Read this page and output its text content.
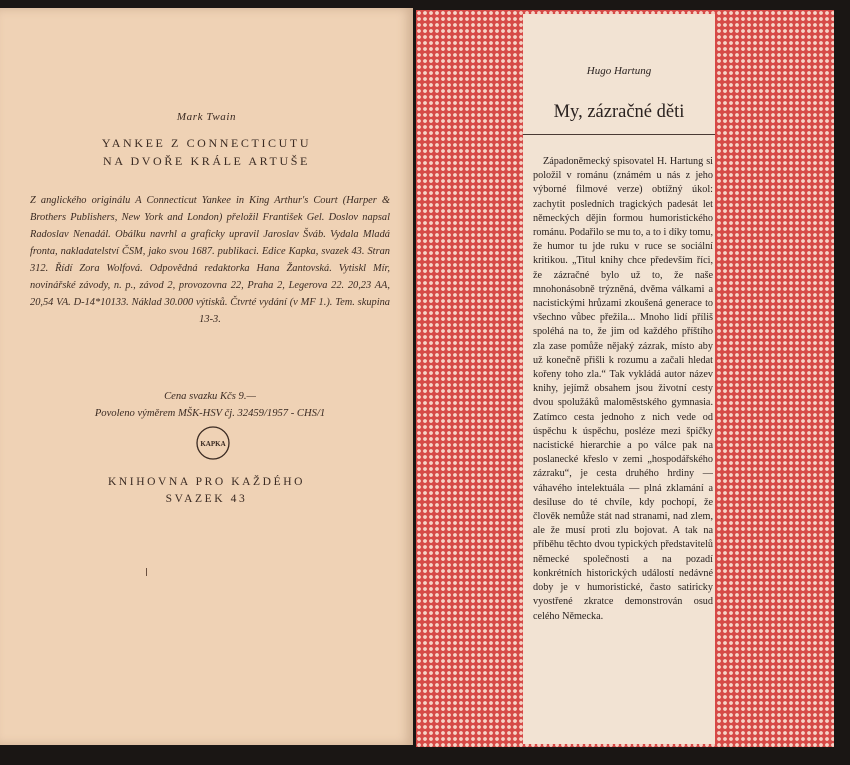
Mark Twain
YANKEE Z CONNECTICUTU
NA DVOŘE KRÁLE ARTUŠE
Z anglického originálu A Connecticut Yankee in King Arthur's Court (Harper & Brothers Publishers, New York and London) přeložil František Gel. Doslov napsal Radoslav Nenadál. Obálku navrhl a graficky upravil Jaroslav Šváb. Vydala Mladá fronta, nakladatelství ČSM, jako svou 1687. publikaci. Edice Kapka, svazek 43. Stran 312. Řídí Zora Wolfová. Odpovědná redaktorka Hana Žantovská. Vytiskl Mír, novinářské závody, n. p., závod 2, provozovna 22, Praha 2, Legerova 22. 20,23 AA, 20,54 VA. D-14*10133. Náklad 30.000 výtisků. Čtvrté vydání (v MF 1.). Tem. skupina 13-3.
Cena svazku Kčs 9.—
Povoleno výměrem MŠK-HSV čj. 32459/1957 - CHS/1
KAPKA
KNIHOVNA PRO KAŽDÉHO
SVAZEK 43
Hugo Hartung
My, zázračné děti
Západoněmecký spisovatel H. Hartung si položil v románu (známém u nás z jeho výborné filmové verze) obtížný úkol: zachytit posledních tragických padesát let německých dějin formou humoristického románu. Podařilo se mu to, a to i díky tomu, že humor tu jde ruku v ruce se sociální kritikou. „Titul knihy chce především říci, že zázračné bylo už to, že naše mnohonásobně trýzněná, dvěma válkami a nacistickými hrůzami zkoušená generace to všechno vůbec přežila... Mnoho lidí příliš spoléhá na to, že jim od každého příštího zla zase pomůže nějaký zázrak, místo aby už konečně přišli k rozumu a začali hledat kořeny toho zla.“ Tak vykládá autor název knihy, jejímž obsahem jsou životní cesty dvou spolužáků maloměstského gymnasia. Zatímco cesta jednoho z nich vede od úspěchu k úspěchu, posléze mezi špičky nacistické hierarchie a po válce pak na poslanecké křeslo v zemi „hospodářského zázraku“, je cesta druhého hrdiny — váhavého intelektuála — plná zklamání a desiluse do té chvíle, kdy pochopí, že člověk nemůže stát nad stranami, nad zlem, ale že musí proti zlu bojovat. A tak na příběhu těchto dvou typických představitelů německé společnosti a na pozadí konkrétních historických událostí nedávné doby je v humoristické, často satiricky vyostřené zkratce demonstrován osud celého Německa.
